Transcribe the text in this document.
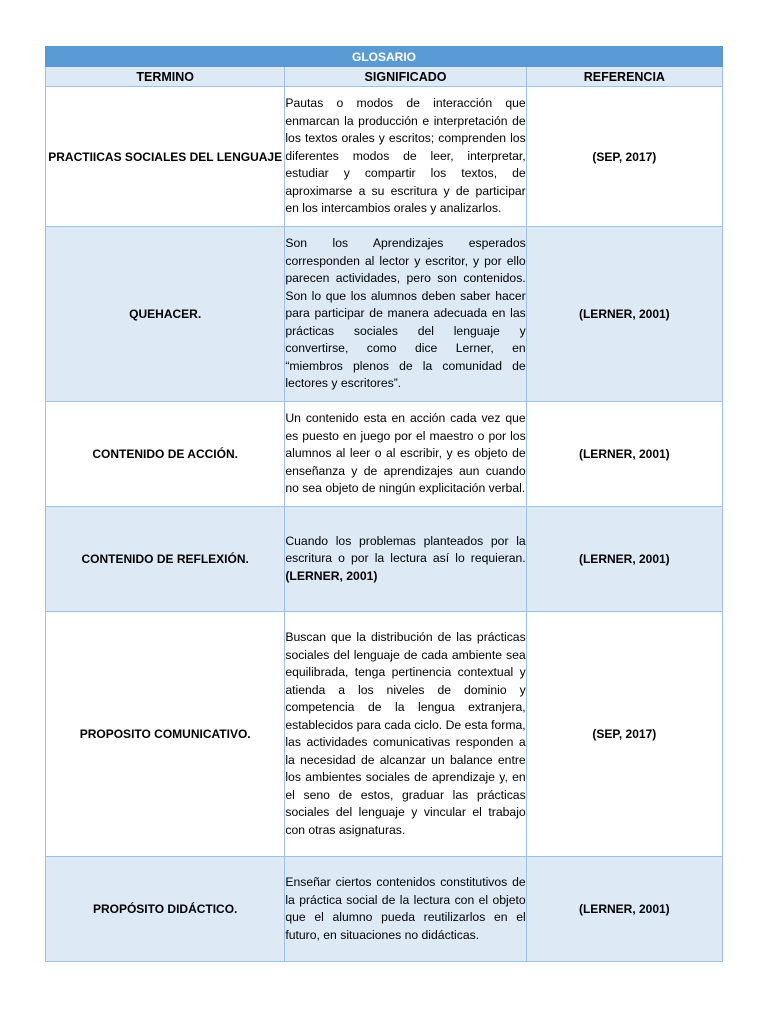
GLOSARIO		
TERMINO	SIGNIFICADO	REFERENCIA
PRACTIICAS SOCIALES DEL LENGUAJE	Pautas o modos de interacción que enmarcan la producción e interpretación de los textos orales y escritos; comprenden los diferentes modos de leer, interpretar, estudiar y compartir los textos, de aproximarse a su escritura y de participar en los intercambios orales y analizarlos.	(SEP, 2017)
QUEHACER.	Son los Aprendizajes esperados corresponden al lector y escritor, y por ello parecen actividades, pero son contenidos. Son lo que los alumnos deben saber hacer para participar de manera adecuada en las prácticas sociales del lenguaje y convertirse, como dice Lerner, en “miembros plenos de la comunidad de lectores y escritores”.	(LERNER, 2001)
CONTENIDO DE ACCIÓN.	Un contenido esta en acción cada vez que es puesto en juego por el maestro o por los alumnos al leer o al escribir, y es objeto de enseñanza y de aprendizajes aun cuando no sea objeto de ningún explicitación verbal.	(LERNER, 2001)
CONTENIDO DE REFLEXIÓN.	Cuando los problemas planteados por la escritura o por la lectura así lo requieran. (LERNER, 2001)	(LERNER, 2001)
PROPOSITO COMUNICATIVO.	Buscan que la distribución de las prácticas sociales del lenguaje de cada ambiente sea equilibrada, tenga pertinencia contextual y atienda a los niveles de dominio y competencia de la lengua extranjera, establecidos para cada ciclo. De esta forma, las actividades comunicativas responden a la necesidad de alcanzar un balance entre los ambientes sociales de aprendizaje y, en el seno de estos, graduar las prácticas sociales del lenguaje y vincular el trabajo con otras asignaturas.	(SEP, 2017)
PROPÓSITO DIDÁCTICO.	Enseñar ciertos contenidos constitutivos de la práctica social de la lectura con el objeto que el alumno pueda reutilizarlos en el futuro, en situaciones no didácticas.	(LERNER, 2001)
